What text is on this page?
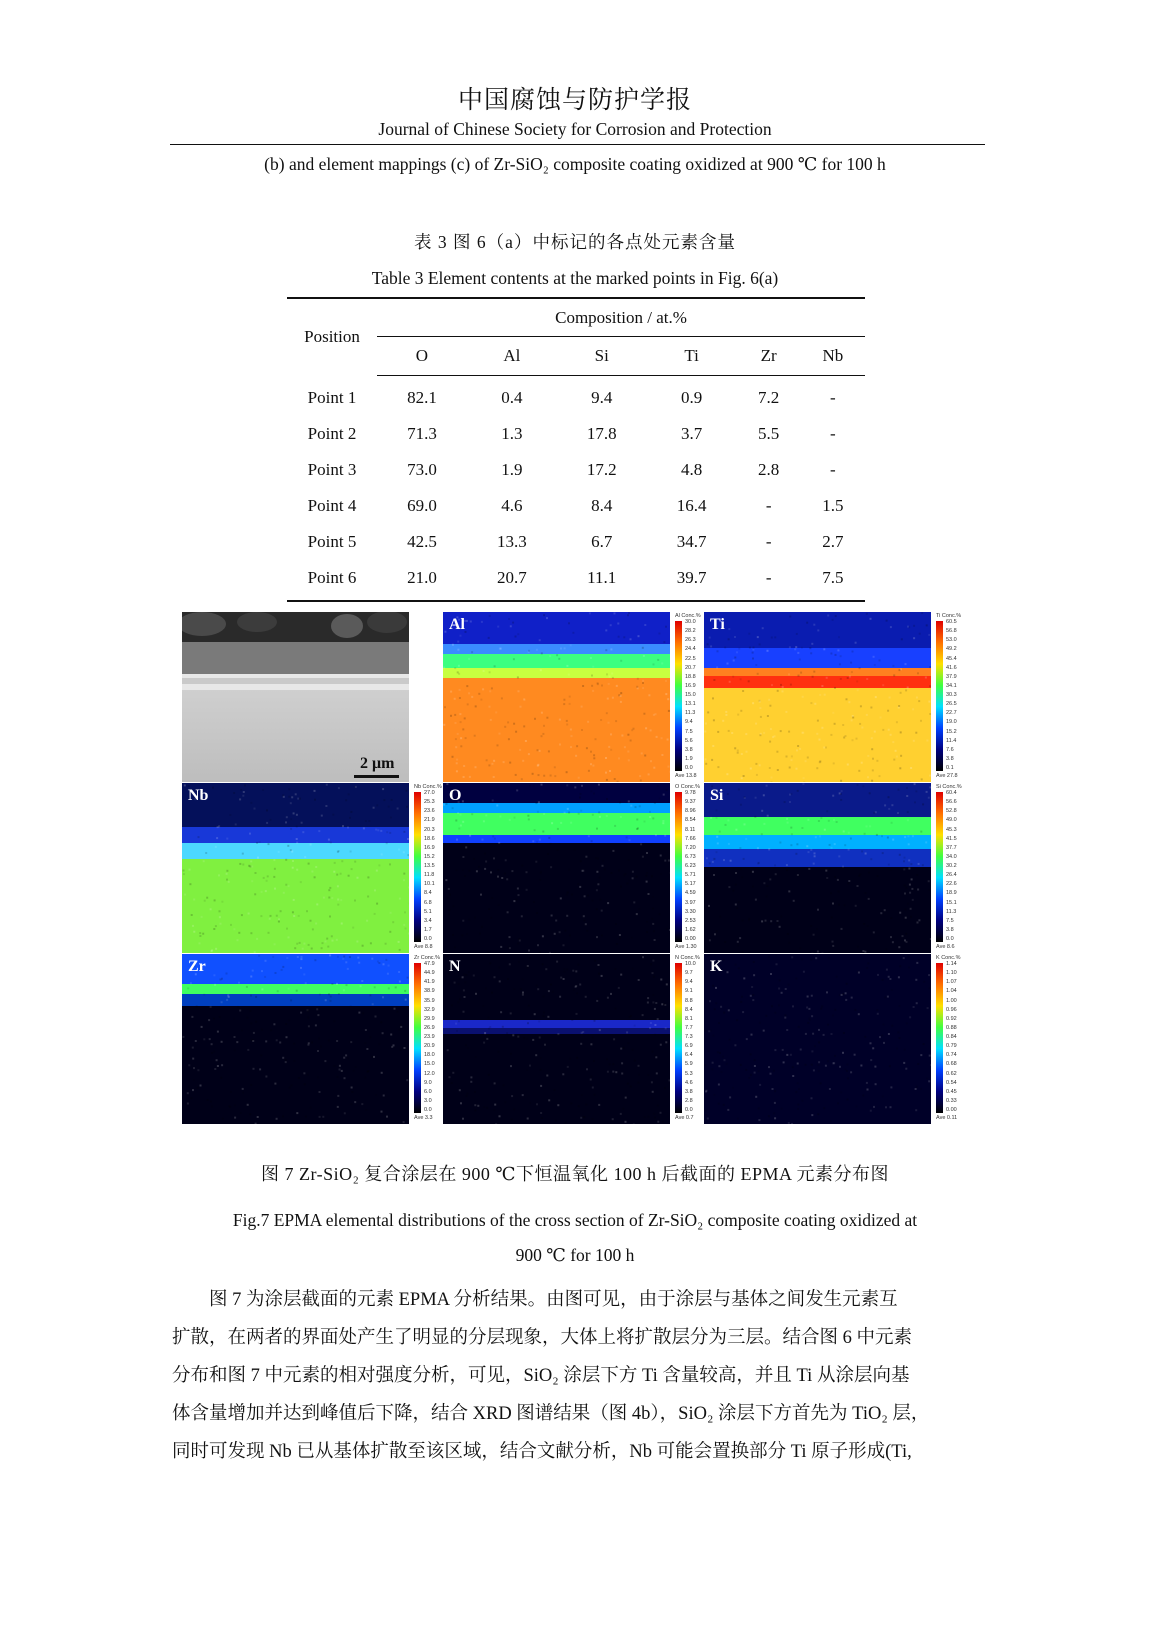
中国腐蚀与防护学报
Journal of Chinese Society for Corrosion and Protection
(b) and element mappings (c) of Zr-SiO₂ composite coating oxidized at 900 ℃ for 100 h
表 3 图 6（a）中标记的各点处元素含量
Table 3 Element contents at the marked points in Fig. 6(a)
Position	Composition / at.%					
	O	Al	Si	Ti	Zr	Nb
Point 1	82.1	0.4	9.4	0.9	7.2	-
Point 2	71.3	1.3	17.8	3.7	5.5	-
Point 3	73.0	1.9	17.2	4.8	2.8	-
Point 4	69.0	4.6	8.4	16.4	-	1.5
Point 5	42.5	13.3	6.7	34.7	-	2.7
Point 6	21.0	20.7	11.1	39.7	-	7.5
2 μm
Al	Al Conc.%
30.0
28.2
26.3
24.4
22.5
20.7
18.8
16.9
15.0
13.1
11.3
9.4
7.5
5.6
3.8
1.9
0.0
Ave 13.8
Ti	Ti Conc.%
60.5
56.8
53.0
49.2
45.4
41.6
37.9
34.1
30.3
26.5
22.7
19.0
15.2
11.4
7.6
3.8
0.1
Ave 27.8
Nb	Nb Conc.%
27.0
25.3
23.6
21.9
20.3
18.6
16.9
15.2
13.5
11.8
10.1
8.4
6.8
5.1
3.4
1.7
0.0
Ave 8.8
O	O Conc.%
9.78
9.37
8.96
8.54
8.11
7.66
7.20
6.73
6.23
5.71
5.17
4.59
3.97
3.30
2.53
1.62
0.00
Ave 1.30
Si	Si Conc.%
60.4
56.6
52.8
49.0
45.3
41.5
37.7
34.0
30.2
26.4
22.6
18.9
15.1
11.3
7.5
3.8
0.0
Ave 8.6
Zr	Zr Conc.%
47.9
44.9
41.9
38.9
35.9
32.9
29.9
26.9
23.9
20.9
18.0
15.0
12.0
9.0
6.0
3.0
0.0
Ave 3.3
N	N Conc.%
10.0
9.7
9.4
9.1
8.8
8.4
8.1
7.7
7.3
6.9
6.4
5.9
5.3
4.6
3.8
2.8
0.0
Ave 0.7
K	K Conc.%
1.14
1.10
1.07
1.04
1.00
0.96
0.92
0.88
0.84
0.79
0.74
0.68
0.62
0.54
0.45
0.33
0.00
Ave 0.11
图 7 Zr-SiO₂ 复合涂层在 900 ℃下恒温氧化 100 h 后截面的 EPMA 元素分布图
Fig.7 EPMA elemental distributions of the cross section of Zr-SiO₂ composite coating oxidized at
900 ℃ for 100 h

　　图 7 为涂层截面的元素 EPMA 分析结果。由图可见，由于涂层与基体之间发生元素互
扩散，在两者的界面处产生了明显的分层现象，大体上将扩散层分为三层。结合图 6 中元素
分布和图 7 中元素的相对强度分析，可见，SiO₂ 涂层下方 Ti 含量较高，并且 Ti 从涂层向基
体含量增加并达到峰值后下降，结合 XRD 图谱结果（图 4b），SiO₂ 涂层下方首先为 TiO₂ 层，
同时可发现 Nb 已从基体扩散至该区域，结合文献分析，Nb 可能会置换部分 Ti 原子形成(Ti,
